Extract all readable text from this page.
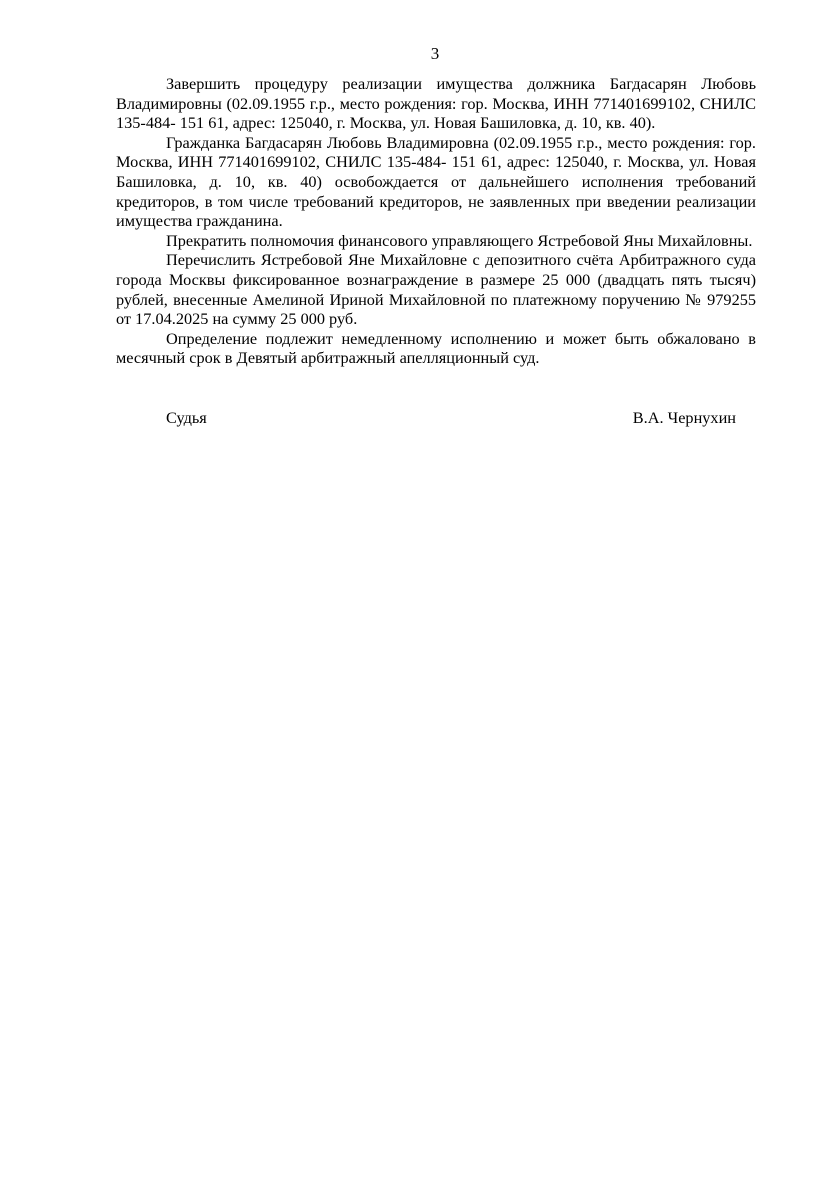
3

Завершить процедуру реализации имущества должника Багдасарян Любовь Владимировны (02.09.1955 г.р., место рождения: гор. Москва, ИНН 771401699102, СНИЛС 135-484- 151 61, адрес: 125040, г. Москва, ул. Новая Башиловка, д. 10, кв. 40).

Гражданка Багдасарян Любовь Владимировна (02.09.1955 г.р., место рождения: гор. Москва, ИНН 771401699102, СНИЛС 135-484- 151 61, адрес: 125040, г. Москва, ул. Новая Башиловка, д. 10, кв. 40) освобождается от дальнейшего исполнения требований кредиторов, в том числе требований кредиторов, не заявленных при введении реализации имущества гражданина.

Прекратить полномочия финансового управляющего Ястребовой Яны Михайловны.

Перечислить Ястребовой Яне Михайловне с депозитного счёта Арбитражного суда города Москвы фиксированное вознаграждение в размере 25 000 (двадцать пять тысяч) рублей, внесенные Амелиной Ириной Михайловной по платежному поручению № 979255 от 17.04.2025 на сумму 25 000 руб.

Определение подлежит немедленному исполнению и может быть обжаловано в месячный срок в Девятый арбитражный апелляционный суд.

Судья	В.А. Чернухин
